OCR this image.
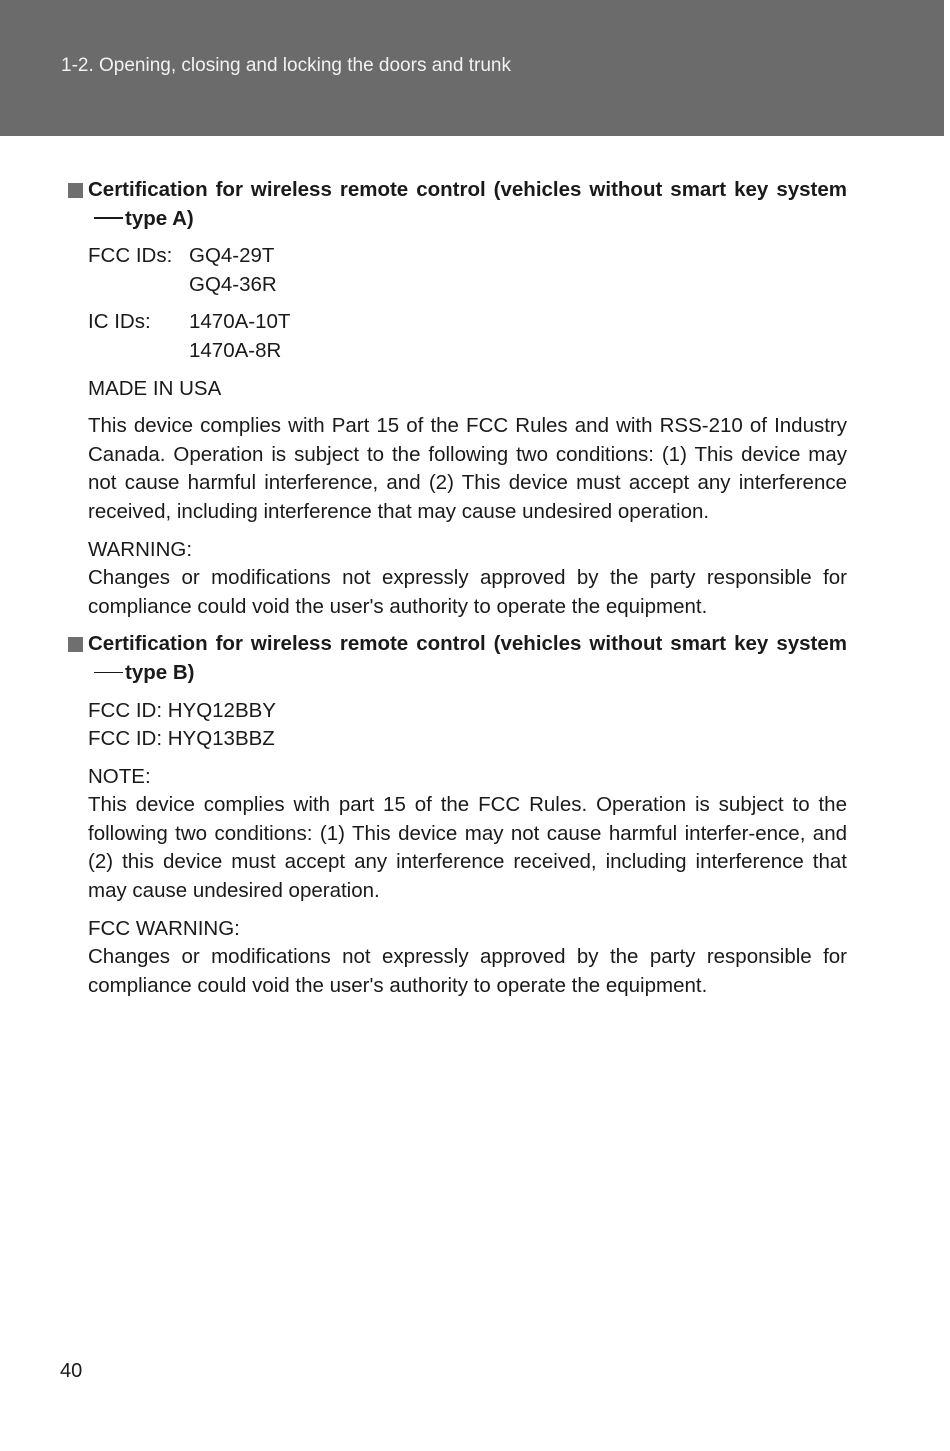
1-2. Opening, closing and locking the doors and trunk
Certification for wireless remote control (vehicles without smart key systemtype A)
FCC IDs: GQ4-29T
GQ4-36R
IC IDs:	1470A-10T
1470A-8R
MADE IN USA
This device complies with Part 15 of the FCC Rules and with RSS-210 of Industry Canada. Operation is subject to the following two conditions: (1) This device may not cause harmful interference, and (2) This device must accept any interference received, including interference that may cause undesired operation.
WARNING:
Changes or modifications not expressly approved by the party responsible for compliance could void the user's authority to operate the equipment.
Certification for wireless remote control (vehicles without smart key systemtype B)
FCC ID: HYQ12BBY
FCC ID: HYQ13BBZ
NOTE:
This device complies with part 15 of the FCC Rules. Operation is subject to the following two conditions: (1) This device may not cause harmful interfer-ence, and (2) this device must accept any interference received, including interference that may cause undesired operation.
FCC WARNING:
Changes or modifications not expressly approved by the party responsible for compliance could void the user's authority to operate the equipment.
40
